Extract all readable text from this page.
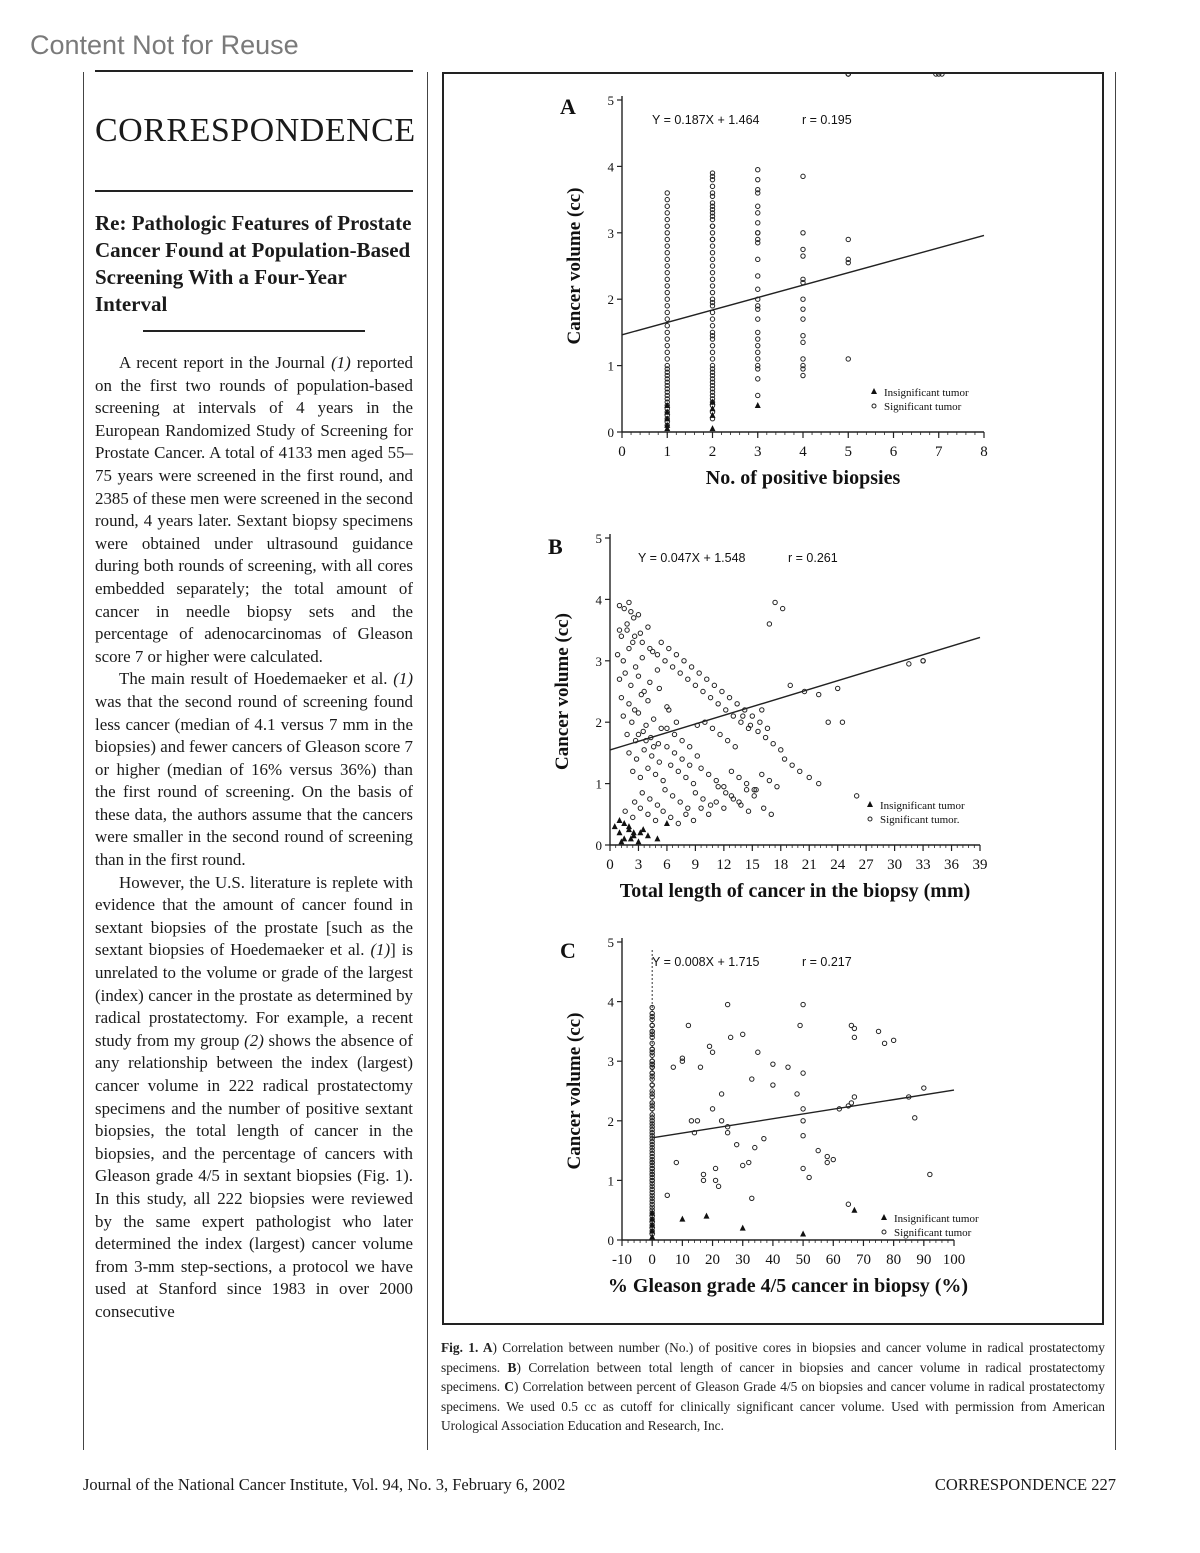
Content Not for Reuse
CORRESPONDENCE
Re: Pathologic Features of Prostate Cancer Found at Population-Based Screening With a Four-Year Interval

A recent report in the Journal (1) reported on the first two rounds of population-based screening at intervals of 4 years in the European Randomized Study of Screening for Prostate Cancer. A total of 4133 men aged 55–75 years were screened in the first round, and 2385 of these men were screened in the second round, 4 years later. Sextant biopsy specimens were obtained under ultrasound guidance during both rounds of screening, with all cores embedded separately; the total amount of cancer in needle biopsy sets and the percentage of adenocarcinomas of Gleason score 7 or higher were calculated.

The main result of Hoedemaeker et al. (1) was that the second round of screening found less cancer (median of 4.1 versus 7 mm in the biopsies) and fewer cancers of Gleason score 7 or higher (median of 16% versus 36%) than the first round of screening. On the basis of these data, the authors assume that the cancers were smaller in the second round of screening than in the first round.

However, the U.S. literature is replete with evidence that the amount of cancer found in sextant biopsies of the prostate [such as the sextant biopsies of Hoedemaeker et al. (1)] is unrelated to the volume or grade of the largest (index) cancer in the prostate as determined by radical prostatectomy. For example, a recent study from my group (2) shows the absence of any relationship between the index (largest) cancer volume in 222 radical prostatectomy specimens and the number of positive sextant biopsies, the total length of cancer in the biopsies, and the percentage of cancers with Gleason grade 4/5 in sextant biopsies (Fig. 1). In this study, all 222 biopsies were reviewed by the same expert pathologist who later determined the index (largest) cancer volume from 3-mm step-sections, a protocol we have used at Stanford since 1983 in over 2000 consecutive

A
0
1
2
3
4
5
0	1	2	3	4	5	6	7	8
Cancer volume (cc)
No. of positive biopsies
Y = 0.187X + 1.464	r = 0.195
Insignificant tumor
Significant tumor
B
0
1
2
3
4
5
0 3 6 9 12 15 18 21 24 27 30 33 36 39
Cancer volume (cc)
Total length of cancer in the biopsy (mm)
Y = 0.047X + 1.548	r = 0.261
Insignificant tumor
Significant tumor.
C
0
1
2
3
4
5
-10 0 10 20 30 40 50 60 70 80 90 100
Cancer volume (cc)
% Gleason grade 4/5 cancer in biopsy (%)
Y = 0.008X + 1.715	r = 0.217
Insignificant tumor
Significant tumor
Fig. 1. A) Correlation between number (No.) of positive cores in biopsies and cancer volume in radical prostatectomy specimens. B) Correlation between total length of cancer in biopsies and cancer volume in radical prostatectomy specimens. C) Correlation between percent of Gleason Grade 4/5 on biopsies and cancer volume in radical prostatectomy specimens. We used 0.5 cc as cutoff for clinically significant cancer volume. Used with permission from American Urological Association Education and Research, Inc.
Journal of the National Cancer Institute, Vol. 94, No. 3, February 6, 2002	CORRESPONDENCE 227
